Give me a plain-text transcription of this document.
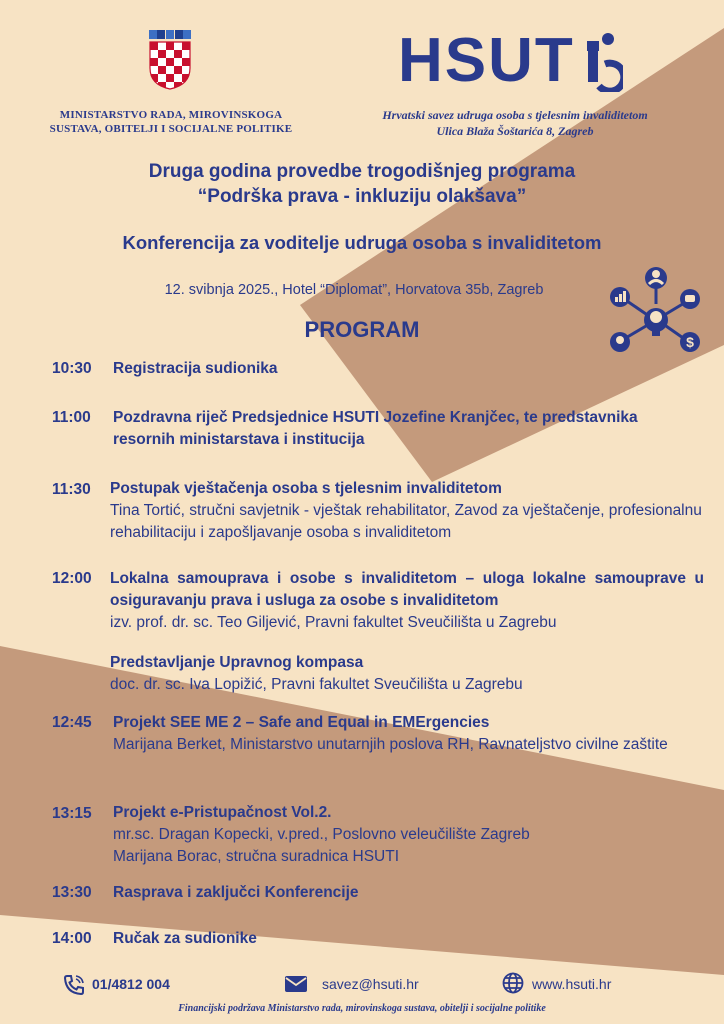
MINISTARSTVO RADA, MIROVINSKOGA
SUSTAVA, OBITELJI I SOCIJALNE POLITIKE
HSUT
Hrvatski savez udruga osoba s tjelesnim invaliditetom
Ulica Blaža Šoštarića 8, Zagreb
Druga godina provedbe trogodišnjeg programa
“Podrška prava - inkluziju olakšava”
Konferencija za voditelje udruga osoba s invaliditetom
12. svibnja 2025., Hotel “Diplomat”, Horvatova 35b, Zagreb
PROGRAM	$
10:30 Registracija sudionika
11:00 Pozdravna riječ Predsjednice HSUTI Jozefine Kranjčec, te predstavnika resornih ministarstava i institucija
11:30 Postupak vještačenja osoba s tjelesnim invaliditetom
Tina Tortić, stručni savjetnik - vještak rehabilitator, Zavod za vještačenje, profesionalnu rehabilitaciju i zapošljavanje osoba s invaliditetom
12:00 Lokalna samouprava i osobe s invaliditetom – uloga lokalne samouprave u osiguravanju prava i usluga za osobe s invaliditetom
izv. prof. dr. sc. Teo Giljević, Pravni fakultet Sveučilišta u Zagrebu
Predstavljanje Upravnog kompasa
doc. dr. sc. Iva Lopižić, Pravni fakultet Sveučilišta u Zagrebu
12:45 Projekt SEE ME 2 – Safe and Equal in EMErgencies
Marijana Berket, Ministarstvo unutarnjih poslova RH, Ravnateljstvo civilne zaštite
13:15 Projekt e-Pristupačnost Vol.2.
mr.sc. Dragan Kopecki, v.pred., Poslovno veleučilište Zagreb
Marijana Borac, stručna suradnica HSUTI
13:30 Rasprava i zaključci Konferencije
14:00 Ručak za sudionike
01/4812 004	savez@hsuti.hr	www.hsuti.hr
Financijski podržava Ministarstvo rada, mirovinskoga sustava, obitelji i socijalne politike
